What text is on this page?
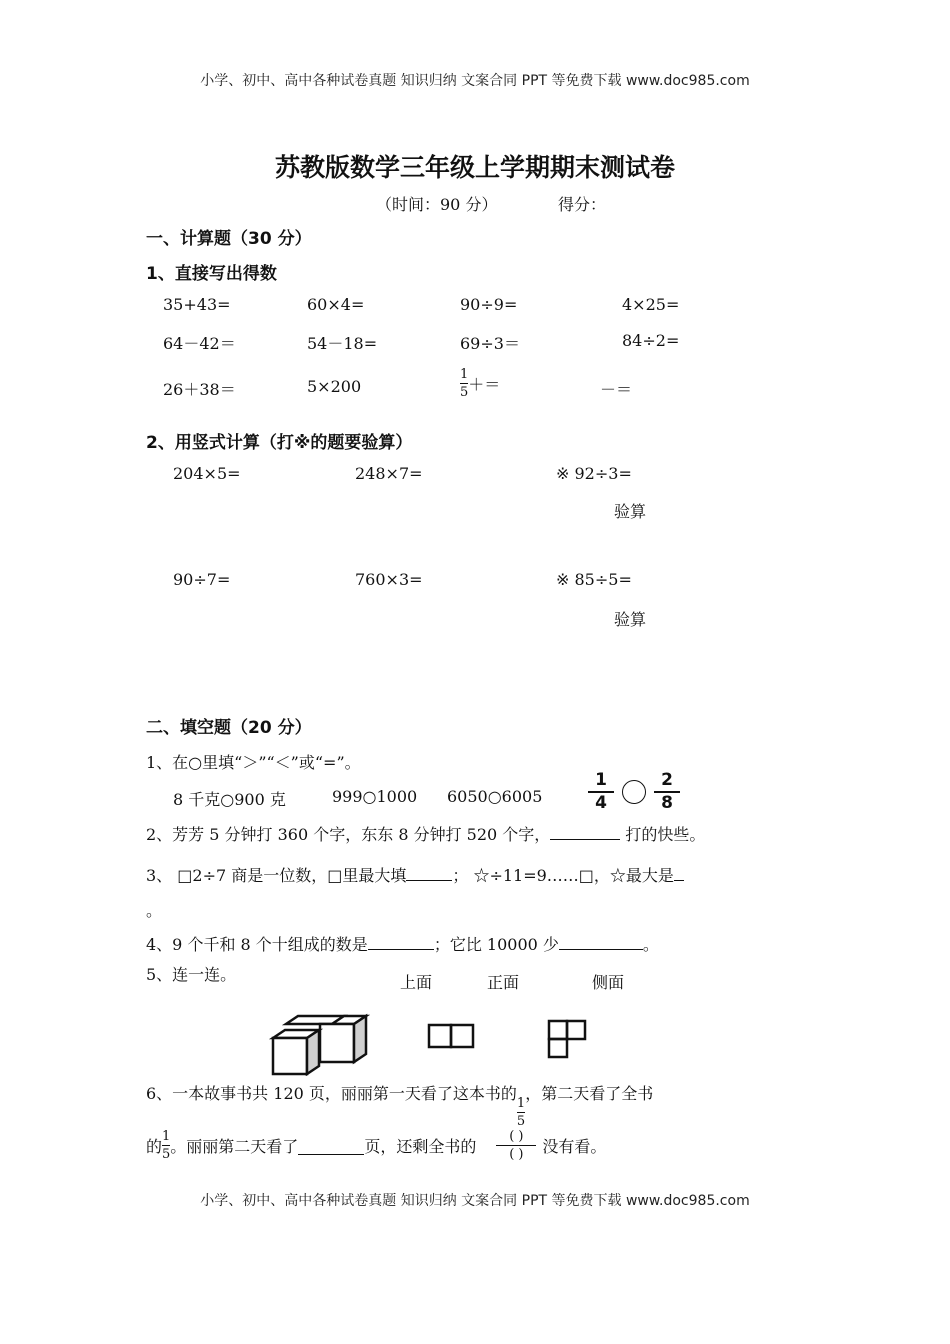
小学、初中、高中各种试卷真题 知识归纳 文案合同 PPT 等免费下载 www.doc985.com
苏教版数学三年级上学期期末测试卷
（时间：90 分）	得分：
一、计算题（30 分）
1、直接写出得数
35+43=	60×4=	90÷9=	4×25=
64－42＝	54－18=	69÷3＝	84÷2=
26＋38＝	5×200	$\frac{1}{5}$ ＋＝	－＝
2、用竖式计算（打※的题要验算）
204×5=	248×7=	※ 92÷3=
验算
90÷7=	760×3=	※ 85÷5=
验算
二、填空题（20 分）
1、在○里填“＞”“＜”或“=”。
8 千克○900 克	999○1000 6050○6005
1
4
2
8
2、芳芳 5 分钟打 360 个字，东东 8 分钟打 520 个字，	打的快些。
3、 □2÷7 商是一位数，□里最大填	； ☆÷11=9……□，☆最大是
。
4、9 个千和 8 个十组成的数是	；它比 10000 少	。
5、连一连。	上面	正面	侧面
6、一本故事书共 120 页，丽丽第一天看了这本书的
$\frac{1}{5}$
，第二天看了全书
的 $\frac{1}{5}$ 。丽丽第二天看了	页，还剩全书的 $\frac{( )}{( )}$ 没有看。
小学、初中、高中各种试卷真题 知识归纳 文案合同 PPT 等免费下载 www.doc985.com
